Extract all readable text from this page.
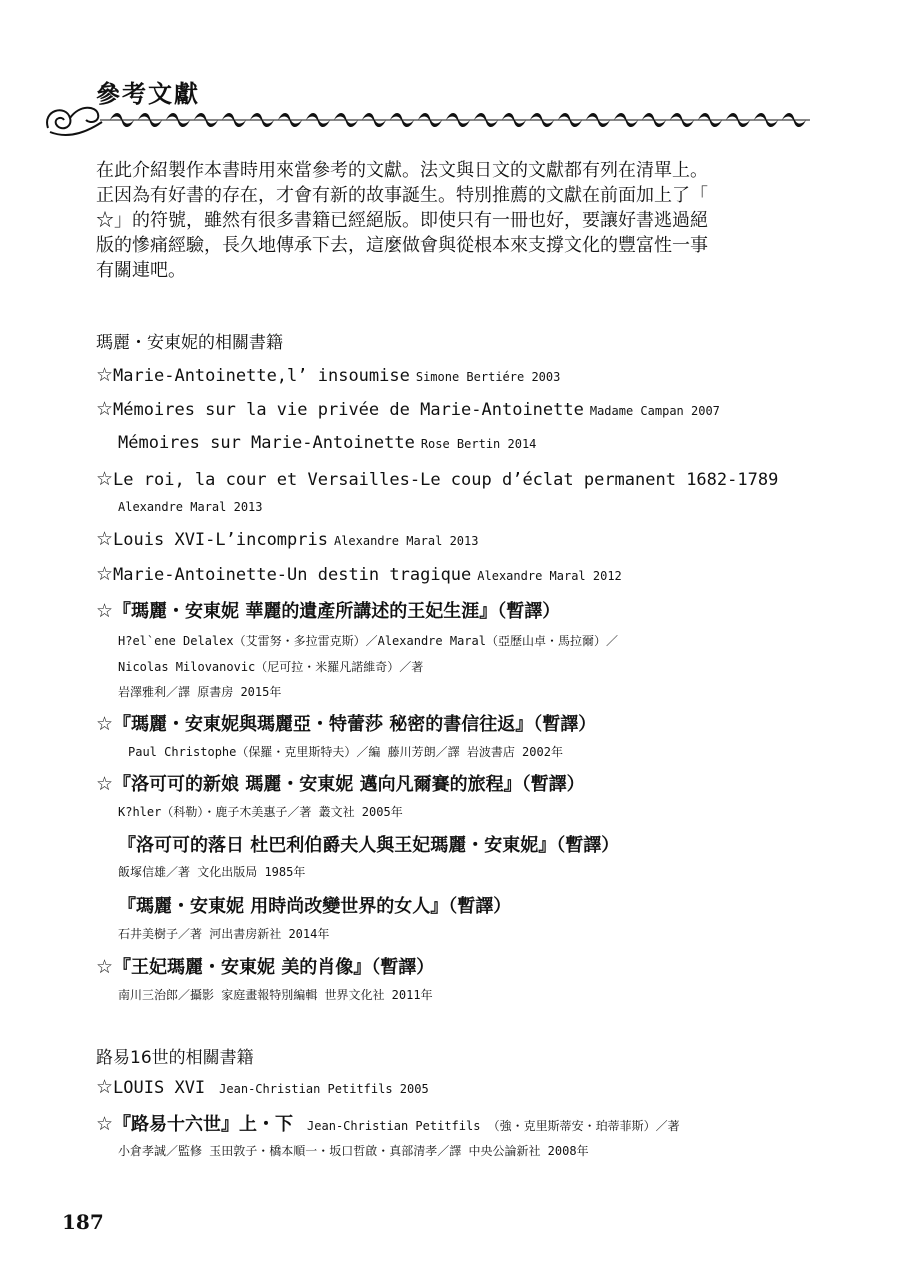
參考文獻

在此介紹製作本書時用來當參考的文獻。法文與日文的文獻都有列在清單上。

正因為有好書的存在，才會有新的故事誕生。特別推薦的文獻在前面加上了「

☆」的符號，雖然有很多書籍已經絕版。即使只有一冊也好，要讓好書逃過絕

版的慘痛經驗，長久地傳承下去，這麼做會與從根本來支撐文化的豐富性一事

有關連吧。

瑪麗・安東妮的相關書籍
☆Marie-Antoinette,l’ insoumise Simone Bertiére 2003
☆Mémoires sur la vie privée de Marie-Antoinette Madame Campan 2007
Mémoires sur Marie-Antoinette Rose Bertin 2014
☆Le roi, la cour et Versailles-Le coup d’éclat permanent 1682-1789
Alexandre Maral 2013
☆Louis XVI-L’incompris Alexandre Maral 2013
☆Marie-Antoinette-Un destin tragique Alexandre Maral 2012
☆『瑪麗・安東妮 華麗的遺產所講述的王妃生涯』（暫譯）
H?el`ene Delalex（艾雷努・多拉雷克斯）／Alexandre Maral（亞歷山卓・馬拉爾）／
Nicolas Milovanovic（尼可拉・米羅凡諾維奇）／著
岩澤雅利／譯 原書房 2015年
☆『瑪麗・安東妮與瑪麗亞・特蕾莎 秘密的書信往返』（暫譯）
Paul Christophe（保羅・克里斯特夫）／編 藤川芳朗／譯 岩波書店 2002年
☆『洛可可的新娘 瑪麗・安東妮 邁向凡爾賽的旅程』（暫譯）
K?hler（科勒）・鹿子木美惠子／著 叢文社 2005年
『洛可可的落日 杜巴利伯爵夫人與王妃瑪麗・安東妮』（暫譯）
飯塚信雄／著 文化出版局 1985年
『瑪麗・安東妮 用時尚改變世界的女人』（暫譯）
石井美樹子／著 河出書房新社 2014年
☆『王妃瑪麗・安東妮 美的肖像』（暫譯）
南川三治郎／攝影 家庭畫報特別編輯 世界文化社 2011年
路易16世的相關書籍
☆LOUIS XVI Jean-Christian Petitfils 2005
☆『路易十六世』上・下 Jean-Christian Petitfils （強・克里斯蒂安・珀蒂菲斯）／著
小倉孝誠／監修 玉田敦子・橋本順一・坂口哲啟・真部清孝／譯 中央公論新社 2008年
187
